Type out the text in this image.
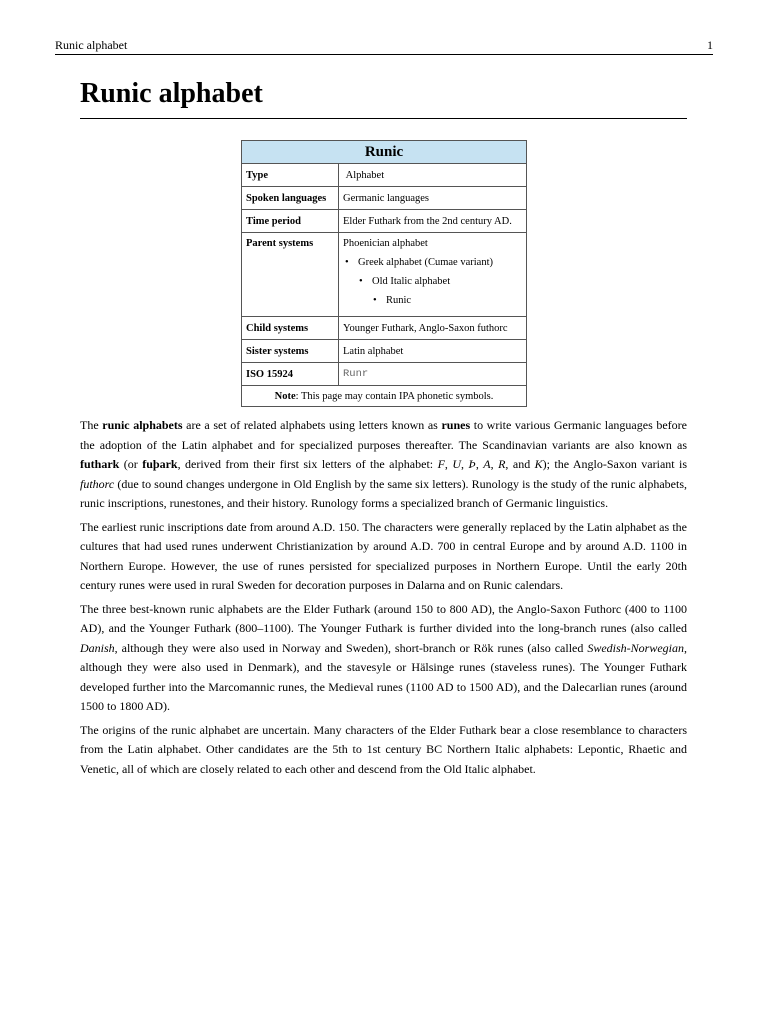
Runic alphabet	1
Runic alphabet
Runic	
Type	Alphabet
Spoken languages	Germanic languages
Time period	Elder Futhark from the 2nd century AD.

Parent systems	Phoenician alphabet
• Greek alphabet (Cumae variant)
• Old Italic alphabet
• Runic

Child systems	Younger Futhark, Anglo-Saxon futhorc
Sister systems	Latin alphabet
ISO 15924	Runr
Note: This page may contain IPA phonetic symbols.	

The runic alphabets are a set of related alphabets using letters known as runes to write various Germanic languages before the adoption of the Latin alphabet and for specialized purposes thereafter. The Scandinavian variants are also known as futhark (or fuþark, derived from their first six letters of the alphabet: F, U, Þ, A, R, and K); the Anglo-Saxon variant is futhorc (due to sound changes undergone in Old English by the same six letters). Runology is the study of the runic alphabets, runic inscriptions, runestones, and their history. Runology forms a specialized branch of Germanic linguistics.

The earliest runic inscriptions date from around A.D. 150. The characters were generally replaced by the Latin alphabet as the cultures that had used runes underwent Christianization by around A.D. 700 in central Europe and by around A.D. 1100 in Northern Europe. However, the use of runes persisted for specialized purposes in Northern Europe. Until the early 20th century runes were used in rural Sweden for decoration purposes in Dalarna and on Runic calendars.

The three best-known runic alphabets are the Elder Futhark (around 150 to 800 AD), the Anglo-Saxon Futhorc (400 to 1100 AD), and the Younger Futhark (800–1100). The Younger Futhark is further divided into the long-branch runes (also called Danish, although they were also used in Norway and Sweden), short-branch or Rök runes (also called Swedish-Norwegian, although they were also used in Denmark), and the stavesyle or Hälsinge runes (staveless runes). The Younger Futhark developed further into the Marcomannic runes, the Medieval runes (1100 AD to 1500 AD), and the Dalecarlian runes (around 1500 to 1800 AD).

The origins of the runic alphabet are uncertain. Many characters of the Elder Futhark bear a close resemblance to characters from the Latin alphabet. Other candidates are the 5th to 1st century BC Northern Italic alphabets: Lepontic, Rhaetic and Venetic, all of which are closely related to each other and descend from the Old Italic alphabet.
